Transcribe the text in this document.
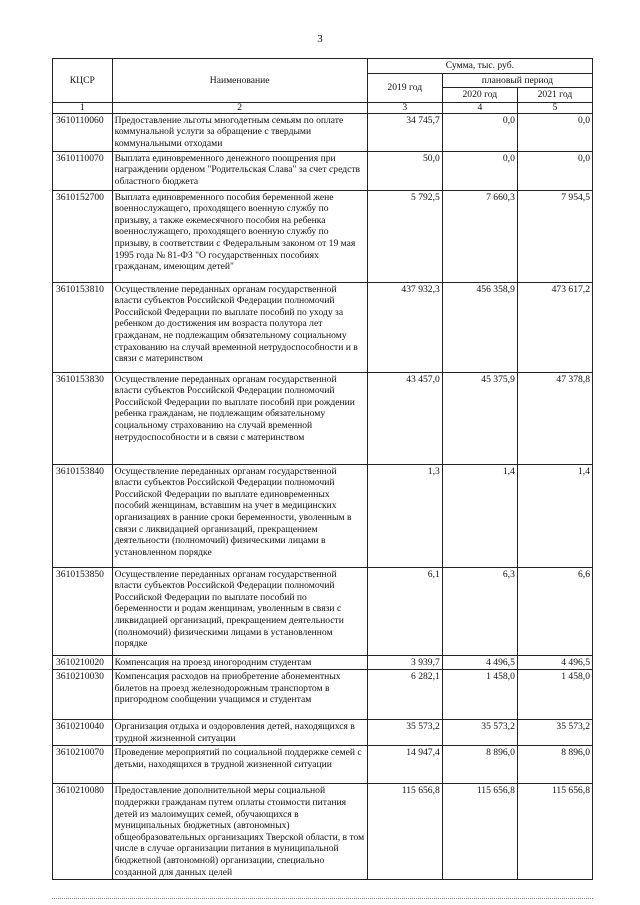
3
КЦСР	Наименование	Сумма, тыс. руб.		
		2019 год	плановый период	
			2020 год	2021 год
1	2	3	4	5
3610110060	Предоставление льготы многодетным семьям по оплате коммунальной услуги за обращение с твердыми коммунальными отходами	34 745,7	0,0	0,0
3610110070	Выплата единовременного денежного поощрения при награждении орденом "Родительская Слава" за счет средств областного бюджета	50,0	0,0	0,0
3610152700	Выплата единовременного пособия беременной жене военнослужащего, проходящего военную службу по призыву, а также ежемесячного пособия на ребенка военнослужащего, проходящего военную службу по призыву, в соответствии с Федеральным законом от 19 мая 1995 года № 81-ФЗ "О государственных пособиях гражданам, имеющим детей"	5 792,5	7 660,3	7 954,5
3610153810	Осуществление переданных органам государственной власти субъектов Российской Федерации полномочий Российской Федерации по выплате пособий по уходу за ребенком до достижения им возраста полутора лет гражданам, не подлежащим обязательному социальному страхованию на случай временной нетрудоспособности и в связи с материнством	437 932,3	456 358,9	473 617,2
3610153830	Осуществление переданных органам государственной власти субъектов Российской Федерации полномочий Российской Федерации по выплате пособий при рождении ребенка гражданам, не подлежащим обязательному социальному страхованию на случай временной нетрудоспособности и в связи с материнством	43 457,0	45 375,9	47 378,8
3610153840	Осуществление переданных органам государственной власти субъектов Российской Федерации полномочий Российской Федерации по выплате единовременных пособий женщинам, вставшим на учет в медицинских организациях в ранние сроки беременности, уволенным в связи с ликвидацией организаций, прекращением деятельности (полномочий) физическими лицами в установленном порядке	1,3	1,4	1,4
3610153850	Осуществление переданных органам государственной власти субъектов Российской Федерации полномочий Российской Федерации по выплате пособий по беременности и родам женщинам, уволенным в связи с ликвидацией организаций, прекращением деятельности (полномочий) физическими лицами в установленном порядке	6,1	6,3	6,6
3610210020	Компенсация на проезд иногородним студентам	3 939,7	4 496,5	4 496,5
3610210030	Компенсация расходов на приобретение абонементных билетов на проезд железнодорожным транспортом в пригородном сообщении учащимся и студентам	6 282,1	1 458,0	1 458,0
3610210040	Организация отдыха и оздоровления детей, находящихся в трудной жизненной ситуации	35 573,2	35 573,2	35 573,2
3610210070	Проведение мероприятий по социальной поддержке семей с детьми, находящихся в трудной жизненной ситуации	14 947,4	8 896,0	8 896,0
3610210080	Предоставление дополнительной меры социальной поддержки гражданам путем оплаты стоимости питания детей из малоимущих семей, обучающихся в муниципальных бюджетных (автономных) общеобразовательных организациях Тверской области, в том числе в случае организации питания в муниципальной бюджетной (автономной) организации, специально созданной для данных целей	115 656,8	115 656,8	115 656,8
